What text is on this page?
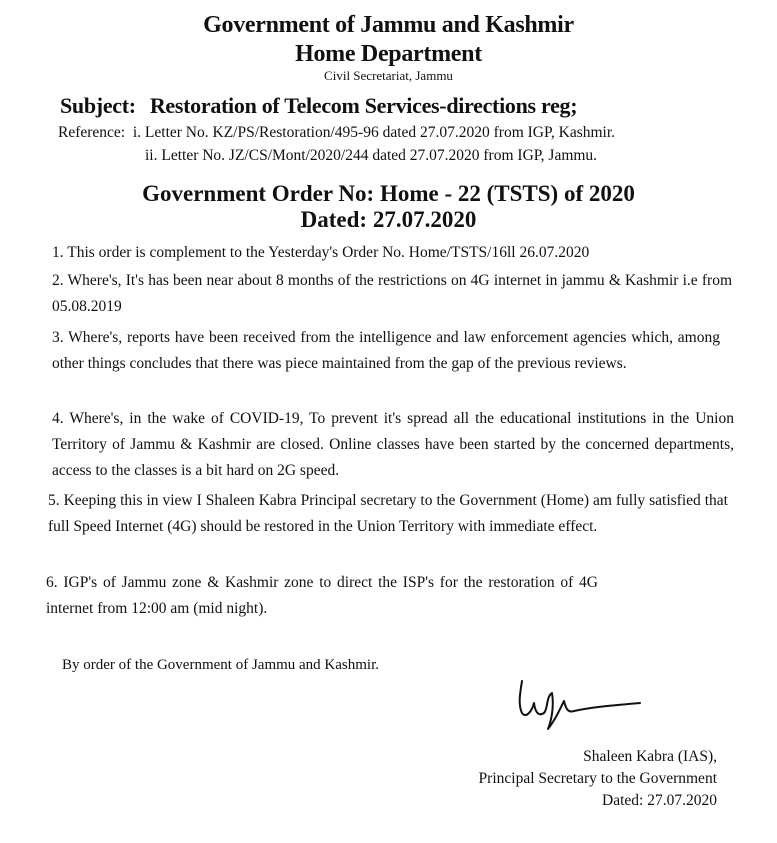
Government of Jammu and Kashmir
Home Department
Civil Secretariat, Jammu
Subject: Restoration of Telecom Services-directions reg;
Reference: i. Letter No. KZ/PS/Restoration/495-96 dated 27.07.2020 from IGP, Kashmir.
ii. Letter No. JZ/CS/Mont/2020/244 dated 27.07.2020 from IGP, Jammu.
Government Order No: Home - 22 (TSTS) of 2020
Dated: 27.07.2020
1. This order is complement to the Yesterday's Order No. Home/TSTS/16ll 26.07.2020
2. Where's, It's has been near about 8 months of the restrictions on 4G internet in jammu & Kashmir i.e from 05.08.2019
3. Where's, reports have been received from the intelligence and law enforcement agencies which, among other things concludes that there was piece maintained from the gap of the previous reviews.
4. Where's, in the wake of COVID-19, To prevent it's spread all the educational institutions in the Union Territory of Jammu & Kashmir are closed. Online classes have been started by the concerned departments, access to the classes is a bit hard on 2G speed.
5. Keeping this in view I Shaleen Kabra Principal secretary to the Government (Home) am fully satisfied that full Speed Internet (4G) should be restored in the Union Territory with immediate effect.
6. IGP's of Jammu zone & Kashmir zone to direct the ISP's for the restoration of 4G internet from 12:00 am (mid night).
By order of the Government of Jammu and Kashmir.
Shaleen Kabra (IAS),
Principal Secretary to the Government
Dated: 27.07.2020
